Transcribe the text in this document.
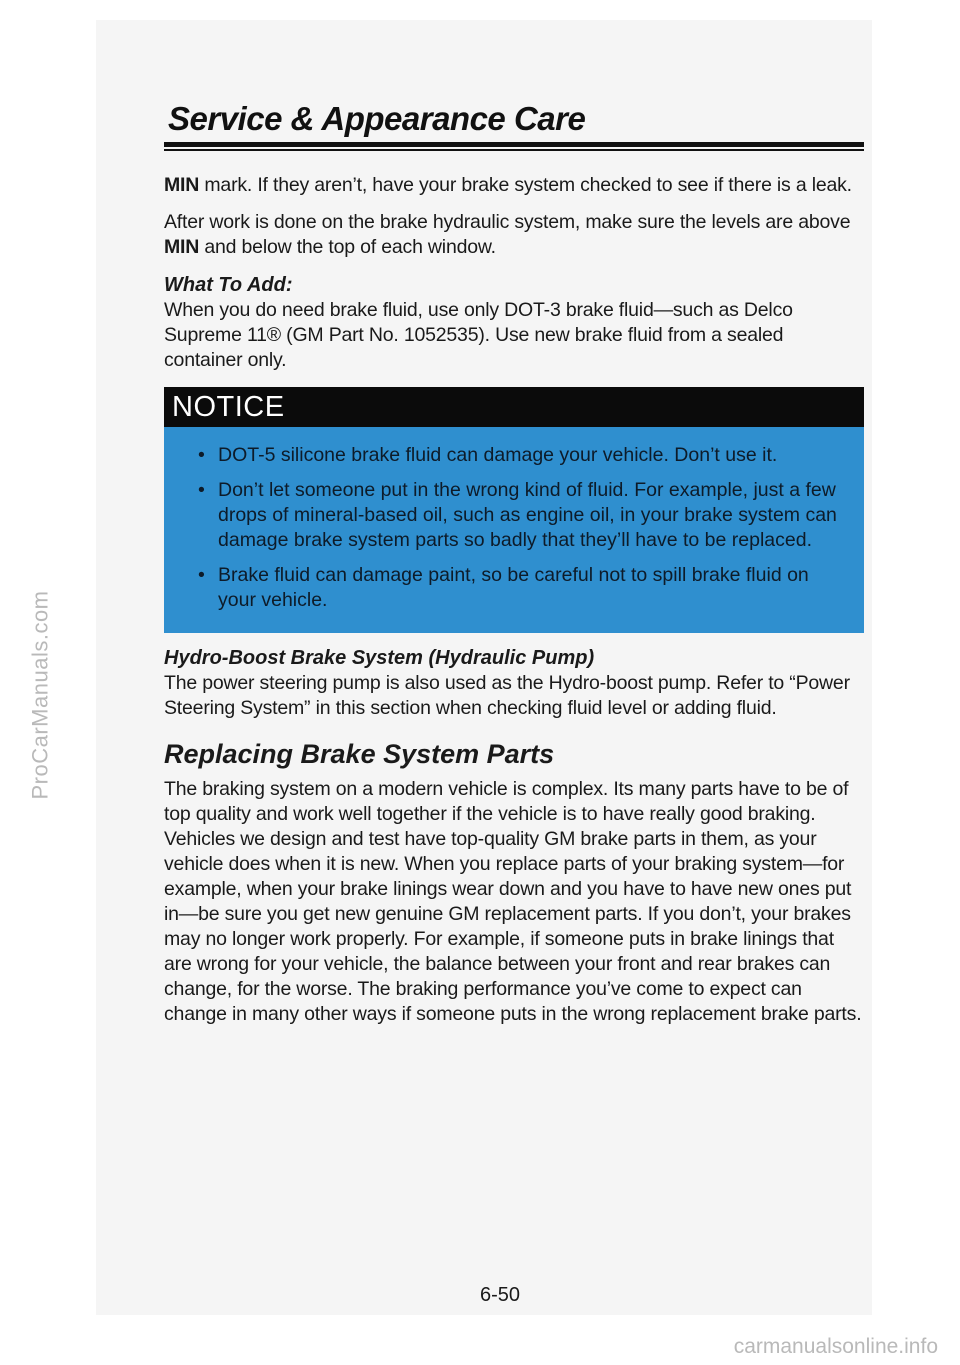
ProCarManuals.com
Service & Appearance Care

MIN mark. If they aren’t, have your brake system checked to see if there is a leak.

After work is done on the brake hydraulic system, make sure the levels are above MIN and below the top of each window.

What To Add:

When you do need brake fluid, use only DOT-3 brake fluid—such as Delco Supreme 11® (GM Part No. 1052535). Use new brake fluid from a sealed container only.

NOTICE
• DOT-5 silicone brake fluid can damage your vehicle. Don’t use it.
• Don’t let someone put in the wrong kind of fluid. For example, just a few drops of mineral-based oil, such as engine oil, in your brake system can damage brake system parts so badly that they’ll have to be replaced.
• Brake fluid can damage paint, so be careful not to spill brake fluid on your vehicle.
Hydro-Boost Brake System (Hydraulic Pump)

The power steering pump is also used as the Hydro-boost pump. Refer to “Power Steering System” in this section when checking fluid level or adding fluid.

Replacing Brake System Parts

The braking system on a modern vehicle is complex. Its many parts have to be of top quality and work well together if the vehicle is to have really good braking. Vehicles we design and test have top-quality GM brake parts in them, as your vehicle does when it is new. When you replace parts of your braking system—for example, when your brake linings wear down and you have to have new ones put in—be sure you get new genuine GM replacement parts. If you don’t, your brakes may no longer work properly. For example, if someone puts in brake linings that are wrong for your vehicle, the balance between your front and rear brakes can change, for the worse. The braking performance you’ve come to expect can change in many other ways if someone puts in the wrong replacement brake parts.

6-50
carmanualsonline.info
